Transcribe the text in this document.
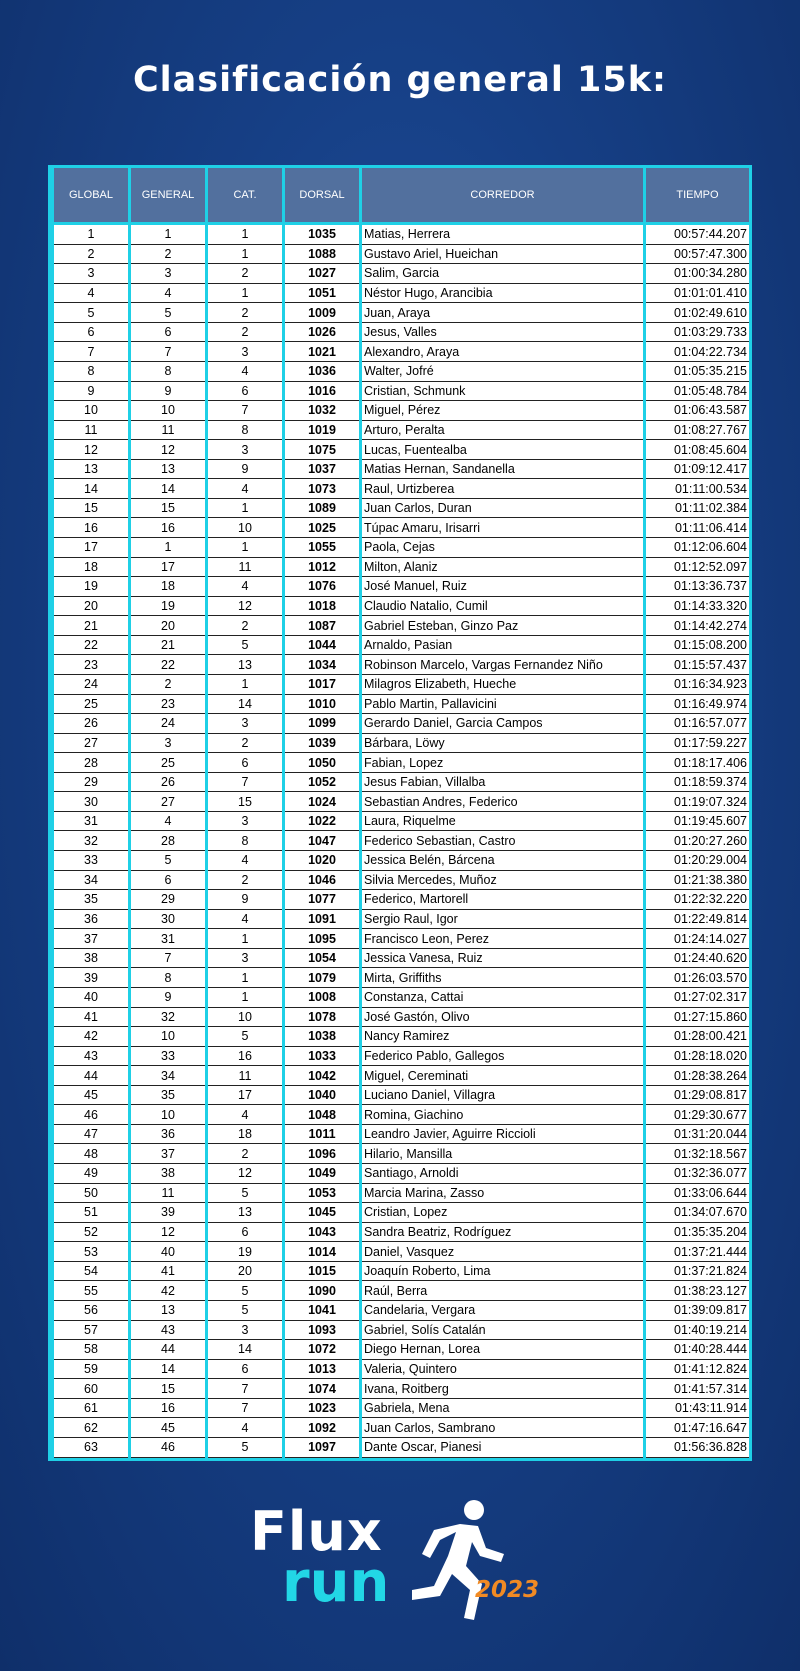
Clasificación general 15k:
GLOBAL	GENERAL	CAT.	DORSAL	CORREDOR	TIEMPO
1	1	1	1035	Matias, Herrera	00:57:44.207
2	2	1	1088	Gustavo Ariel, Hueichan	00:57:47.300
3	3	2	1027	Salim, Garcia	01:00:34.280
4	4	1	1051	Néstor Hugo, Arancibia	01:01:01.410
5	5	2	1009	Juan, Araya	01:02:49.610
6	6	2	1026	Jesus, Valles	01:03:29.733
7	7	3	1021	Alexandro, Araya	01:04:22.734
8	8	4	1036	Walter, Jofré	01:05:35.215
9	9	6	1016	Cristian, Schmunk	01:05:48.784
10	10	7	1032	Miguel, Pérez	01:06:43.587
11	11	8	1019	Arturo, Peralta	01:08:27.767
12	12	3	1075	Lucas, Fuentealba	01:08:45.604
13	13	9	1037	Matias Hernan, Sandanella	01:09:12.417
14	14	4	1073	Raul, Urtizberea	01:11:00.534
15	15	1	1089	Juan Carlos, Duran	01:11:02.384
16	16	10	1025	Túpac Amaru, Irisarri	01:11:06.414
17	1	1	1055	Paola, Cejas	01:12:06.604
18	17	11	1012	Milton, Alaniz	01:12:52.097
19	18	4	1076	José Manuel, Ruiz	01:13:36.737
20	19	12	1018	Claudio Natalio, Cumil	01:14:33.320
21	20	2	1087	Gabriel Esteban, Ginzo Paz	01:14:42.274
22	21	5	1044	Arnaldo, Pasian	01:15:08.200
23	22	13	1034	Robinson Marcelo, Vargas Fernandez Niño	01:15:57.437
24	2	1	1017	Milagros Elizabeth, Hueche	01:16:34.923
25	23	14	1010	Pablo Martin, Pallavicini	01:16:49.974
26	24	3	1099	Gerardo Daniel, Garcia Campos	01:16:57.077
27	3	2	1039	Bárbara, Löwy	01:17:59.227
28	25	6	1050	Fabian, Lopez	01:18:17.406
29	26	7	1052	Jesus Fabian, Villalba	01:18:59.374
30	27	15	1024	Sebastian Andres, Federico	01:19:07.324
31	4	3	1022	Laura, Riquelme	01:19:45.607
32	28	8	1047	Federico Sebastian, Castro	01:20:27.260
33	5	4	1020	Jessica Belén, Bárcena	01:20:29.004
34	6	2	1046	Silvia Mercedes, Muñoz	01:21:38.380
35	29	9	1077	Federico, Martorell	01:22:32.220
36	30	4	1091	Sergio Raul, Igor	01:22:49.814
37	31	1	1095	Francisco Leon, Perez	01:24:14.027
38	7	3	1054	Jessica Vanesa, Ruiz	01:24:40.620
39	8	1	1079	Mirta, Griffiths	01:26:03.570
40	9	1	1008	Constanza, Cattai	01:27:02.317
41	32	10	1078	José Gastón, Olivo	01:27:15.860
42	10	5	1038	Nancy Ramirez	01:28:00.421
43	33	16	1033	Federico Pablo, Gallegos	01:28:18.020
44	34	11	1042	Miguel, Cereminati	01:28:38.264
45	35	17	1040	Luciano Daniel, Villagra	01:29:08.817
46	10	4	1048	Romina, Giachino	01:29:30.677
47	36	18	1011	Leandro Javier, Aguirre Riccioli	01:31:20.044
48	37	2	1096	Hilario, Mansilla	01:32:18.567
49	38	12	1049	Santiago, Arnoldi	01:32:36.077
50	11	5	1053	Marcia Marina, Zasso	01:33:06.644
51	39	13	1045	Cristian, Lopez	01:34:07.670
52	12	6	1043	Sandra Beatriz, Rodríguez	01:35:35.204
53	40	19	1014	Daniel, Vasquez	01:37:21.444
54	41	20	1015	Joaquín Roberto, Lima	01:37:21.824
55	42	5	1090	Raúl, Berra	01:38:23.127
56	13	5	1041	Candelaria, Vergara	01:39:09.817
57	43	3	1093	Gabriel, Solís Catalán	01:40:19.214
58	44	14	1072	Diego Hernan, Lorea	01:40:28.444
59	14	6	1013	Valeria, Quintero	01:41:12.824
60	15	7	1074	Ivana, Roitberg	01:41:57.314
61	16	7	1023	Gabriela, Mena	01:43:11.914
62	45	4	1092	Juan Carlos, Sambrano	01:47:16.647
63	46	5	1097	Dante Oscar, Pianesi	01:56:36.828
Flux
run	2023
